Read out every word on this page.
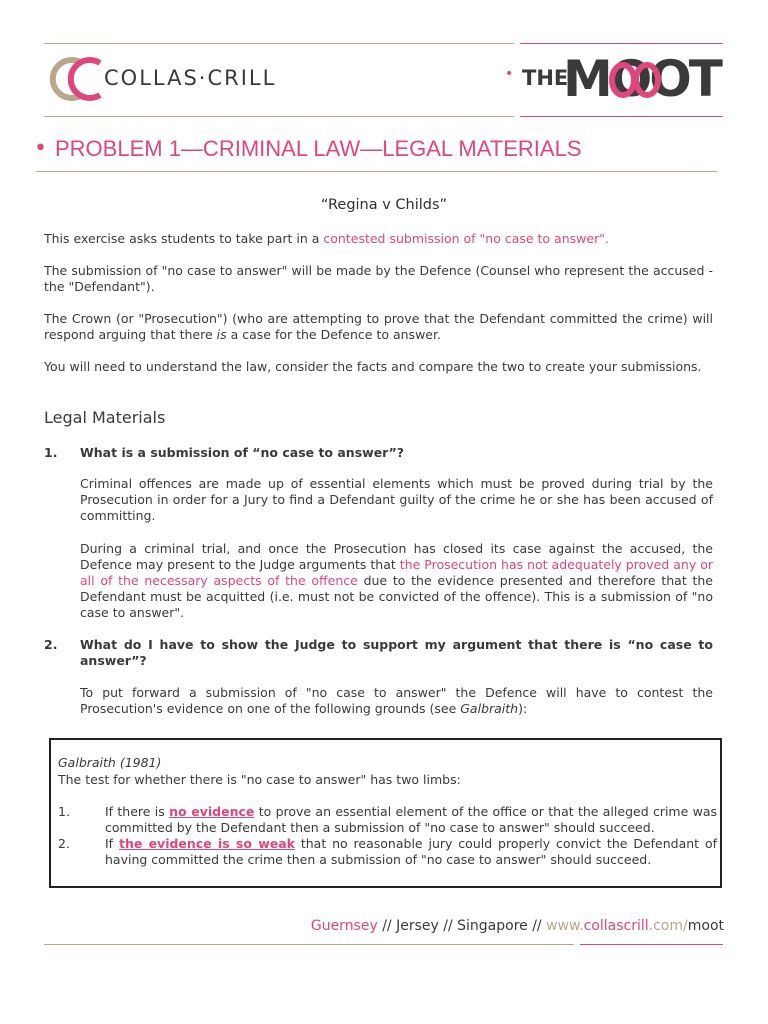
COLLAS·CRILL	• THE
MOOT
• PROBLEM 1—CRIMINAL LAW—LEGAL MATERIALS
“Regina v Childs”

This exercise asks students to take part in a contested submission of "no case to answer".

The submission of "no case to answer" will be made by the Defence (Counsel who represent the accused - the "Defendant").

The Crown (or "Prosecution") (who are attempting to prove that the Defendant committed the crime) will respond arguing that there is a case for the Defence to answer.

You will need to understand the law, consider the facts and compare the two to create your submissions.

Legal Materials
1. What is a submission of “no case to answer”?

Criminal offences are made up of essential elements which must be proved during trial by the Prosecution in order for a Jury to find a Defendant guilty of the crime he or she has been accused of committing.

During a criminal trial, and once the Prosecution has closed its case against the accused, the Defence may present to the Judge arguments that the Prosecution has not adequately proved any or all of the necessary aspects of the offence due to the evidence presented and therefore that the Defendant must be acquitted (i.e. must not be convicted of the offence). This is a submission of "no case to answer".

2. What do I have to show the Judge to support my argument that there is “no case to answer”?

To put forward a submission of "no case to answer" the Defence will have to contest the Prosecution's evidence on one of the following grounds (see Galbraith):

Galbraith (1981)
The test for whether there is "no case to answer" has two limbs:
1.	If there is no evidence to prove an essential element of the office or that the alleged crime was committed by the Defendant then a submission of "no case to answer" should succeed.

2.	If the evidence is so weak that no reasonable jury could properly convict the Defendant of having committed the crime then a submission of "no case to answer" should succeed.

Guernsey // Jersey // Singapore // www.collascrill.com/moot
